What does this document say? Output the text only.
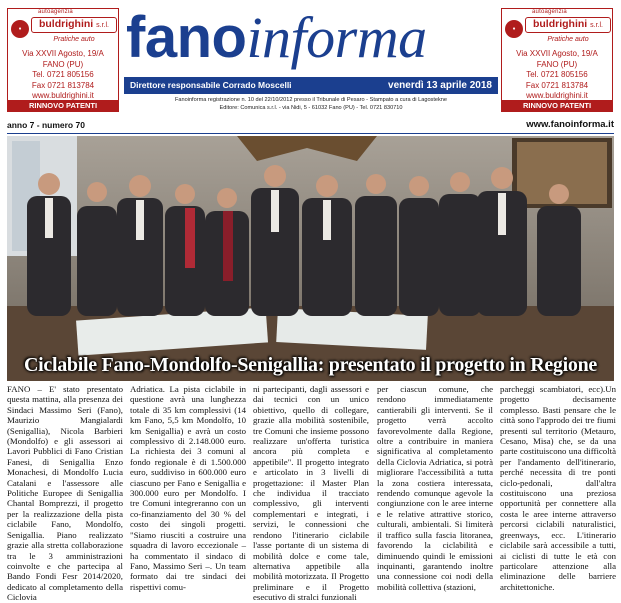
autoagenzia
♦	buldrighini s.r.l.
Pratiche auto
Via XXVII Agosto, 19/A
FANO (PU)
Tel. 0721 805156
Fax 0721 813784
www.buldrighini.it
RINNOVO PATENTI
autoagenzia
♦	buldrighini s.r.l.
Pratiche auto
Via XXVII Agosto, 19/A
FANO (PU)
Tel. 0721 805156
Fax 0721 813784
www.buldrighini.it
RINNOVO PATENTI
fanoinforma
Direttore responsabile Corrado Moscelli	venerdì 13 aprile 2018
Fanoinforma registrazione n. 10 del 22/10/2012 presso il Tribunale di Pesaro - Stampato a cura di Lagostekne
Editore: Comunica s.r.l. - via Nidi, 5 - 61032 Fano (PU) - Tel. 0721 830710
anno 7 - numero 70	www.fanoinforma.it
Ciclabile Fano-Mondolfo-Senigallia: presentato il progetto in Regione
FANO – E' stato presentato questa mattina, alla presenza dei Sindaci Massimo Seri (Fano), Maurizio Mangialardi (Senigallia), Nicola Barbieri (Mondolfo) e gli assessori ai Lavori Pubblici di Fano Cristian Fanesi, di Senigallia Enzo Monachesi, di Mondolfo Lucia Catalani e l'assessore alle Politiche Europee di Senigallia Chantal Bomprezzi, il progetto per la realizzazione della pista ciclabile Fano, Mondolfo, Senigallia. Piano realizzato grazie alla stretta collaborazione tra le 3 amministrazioni coinvolte e che partecipa al Bando Fondi Fesr 2014/2020, dedicato al completamento della Ciclovia
Adriatica. La pista ciclabile in questione avrà una lunghezza totale di 35 km complessivi (14 km Fano, 5,5 km Mondolfo, 10 km Senigallia) e avrà un costo complessivo di 2.148.000 euro. La richiesta dei 3 comuni al fondo regionale è di 1.500.000 euro, suddiviso in 600.000 euro ciascuno per Fano e Senigallia e 300.000 euro per Mondolfo. I tre Comuni integreranno con un co-finanziamento del 30 % del costo dei singoli progetti. "Siamo riusciti a costruire una squadra di lavoro eccezionale – ha commentato il sindaco di Fano, Massimo Seri –. Un team formato dai tre sindaci dei rispettivi comu-
ni partecipanti, dagli assessori e dai tecnici con un unico obiettivo, quello di collegare, grazie alla mobilità sostenibile, tre Comuni che insieme possono realizzare un'offerta turistica ancora più completa e appetibile". Il progetto integrato e articolato in 3 livelli di progettazione: il Master Plan che individua il tracciato complessivo, gli interventi complementari e integrati, i servizi, le connessioni che rendono l'itinerario ciclabile l'asse portante di un sistema di mobilità dolce e come tale, alternativa appetibile alla mobilità motorizzata. Il Progetto preliminare e il Progetto esecutivo di stralci funzionali
per ciascun comune, che rendono immediatamente cantierabili gli interventi. Se il progetto verrà accolto favorevolmente dalla Regione, oltre a contribuire in maniera significativa al completamento della Ciclovia Adriatica, si potrà migliorare l'accessibilità a tutta la zona costiera interessata, rendendo comunque agevole la congiunzione con le aree interne e le relative attrattive storico, culturali, ambientali. Si limiterà il traffico sulla fascia litoranea, favorendo la ciclabilità e diminuendo quindi le emissioni inquinanti, garantendo inoltre una connessione coi nodi della mobilità collettiva (stazioni,
parcheggi scambiatori, ecc).Un progetto decisamente complesso. Basti pensare che le città sono l'approdo dei tre fiumi presenti sul territorio (Metauro, Cesano, Misa) che, se da una parte costituiscono una difficoltà per l'andamento dell'itinerario, perché necessita di tre ponti ciclo-pedonali, dall'altra costituiscono una preziosa opportunità per connettere alla costa le aree interne attraverso percorsi ciclabili naturalistici, greenways, ecc. L'itinerario ciclabile sarà accessibile a tutti, ai ciclisti di tutte le età con particolare attenzione alla eliminazione delle barriere architettoniche.
